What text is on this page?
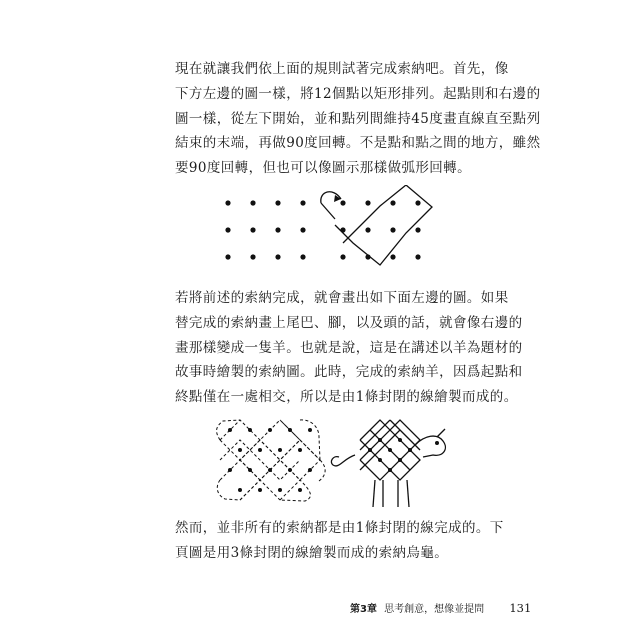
現在就讓我們依上面的規則試著完成索納吧。首先，像
下方左邊的圖一樣，將12個點以矩形排列。起點則和右邊的
圖一樣，從左下開始，並和點列間維持45度畫直線直至點列
結束的末端，再做90度回轉。不是點和點之間的地方，雖然
要90度回轉，但也可以像圖示那樣做弧形回轉。
若將前述的索納完成，就會畫出如下面左邊的圖。如果
替完成的索納畫上尾巴、腳，以及頭的話，就會像右邊的
畫那樣變成一隻羊。也就是說，這是在講述以羊為題材的
故事時繪製的索納圖。此時，完成的索納羊，因爲起點和
終點僅在一處相交，所以是由1條封閉的線繪製而成的。
然而，並非所有的索納都是由1條封閉的線完成的。下
頁圖是用3條封閉的線繪製而成的索納烏龜。
第3章 思考創意，想像並提問 131
